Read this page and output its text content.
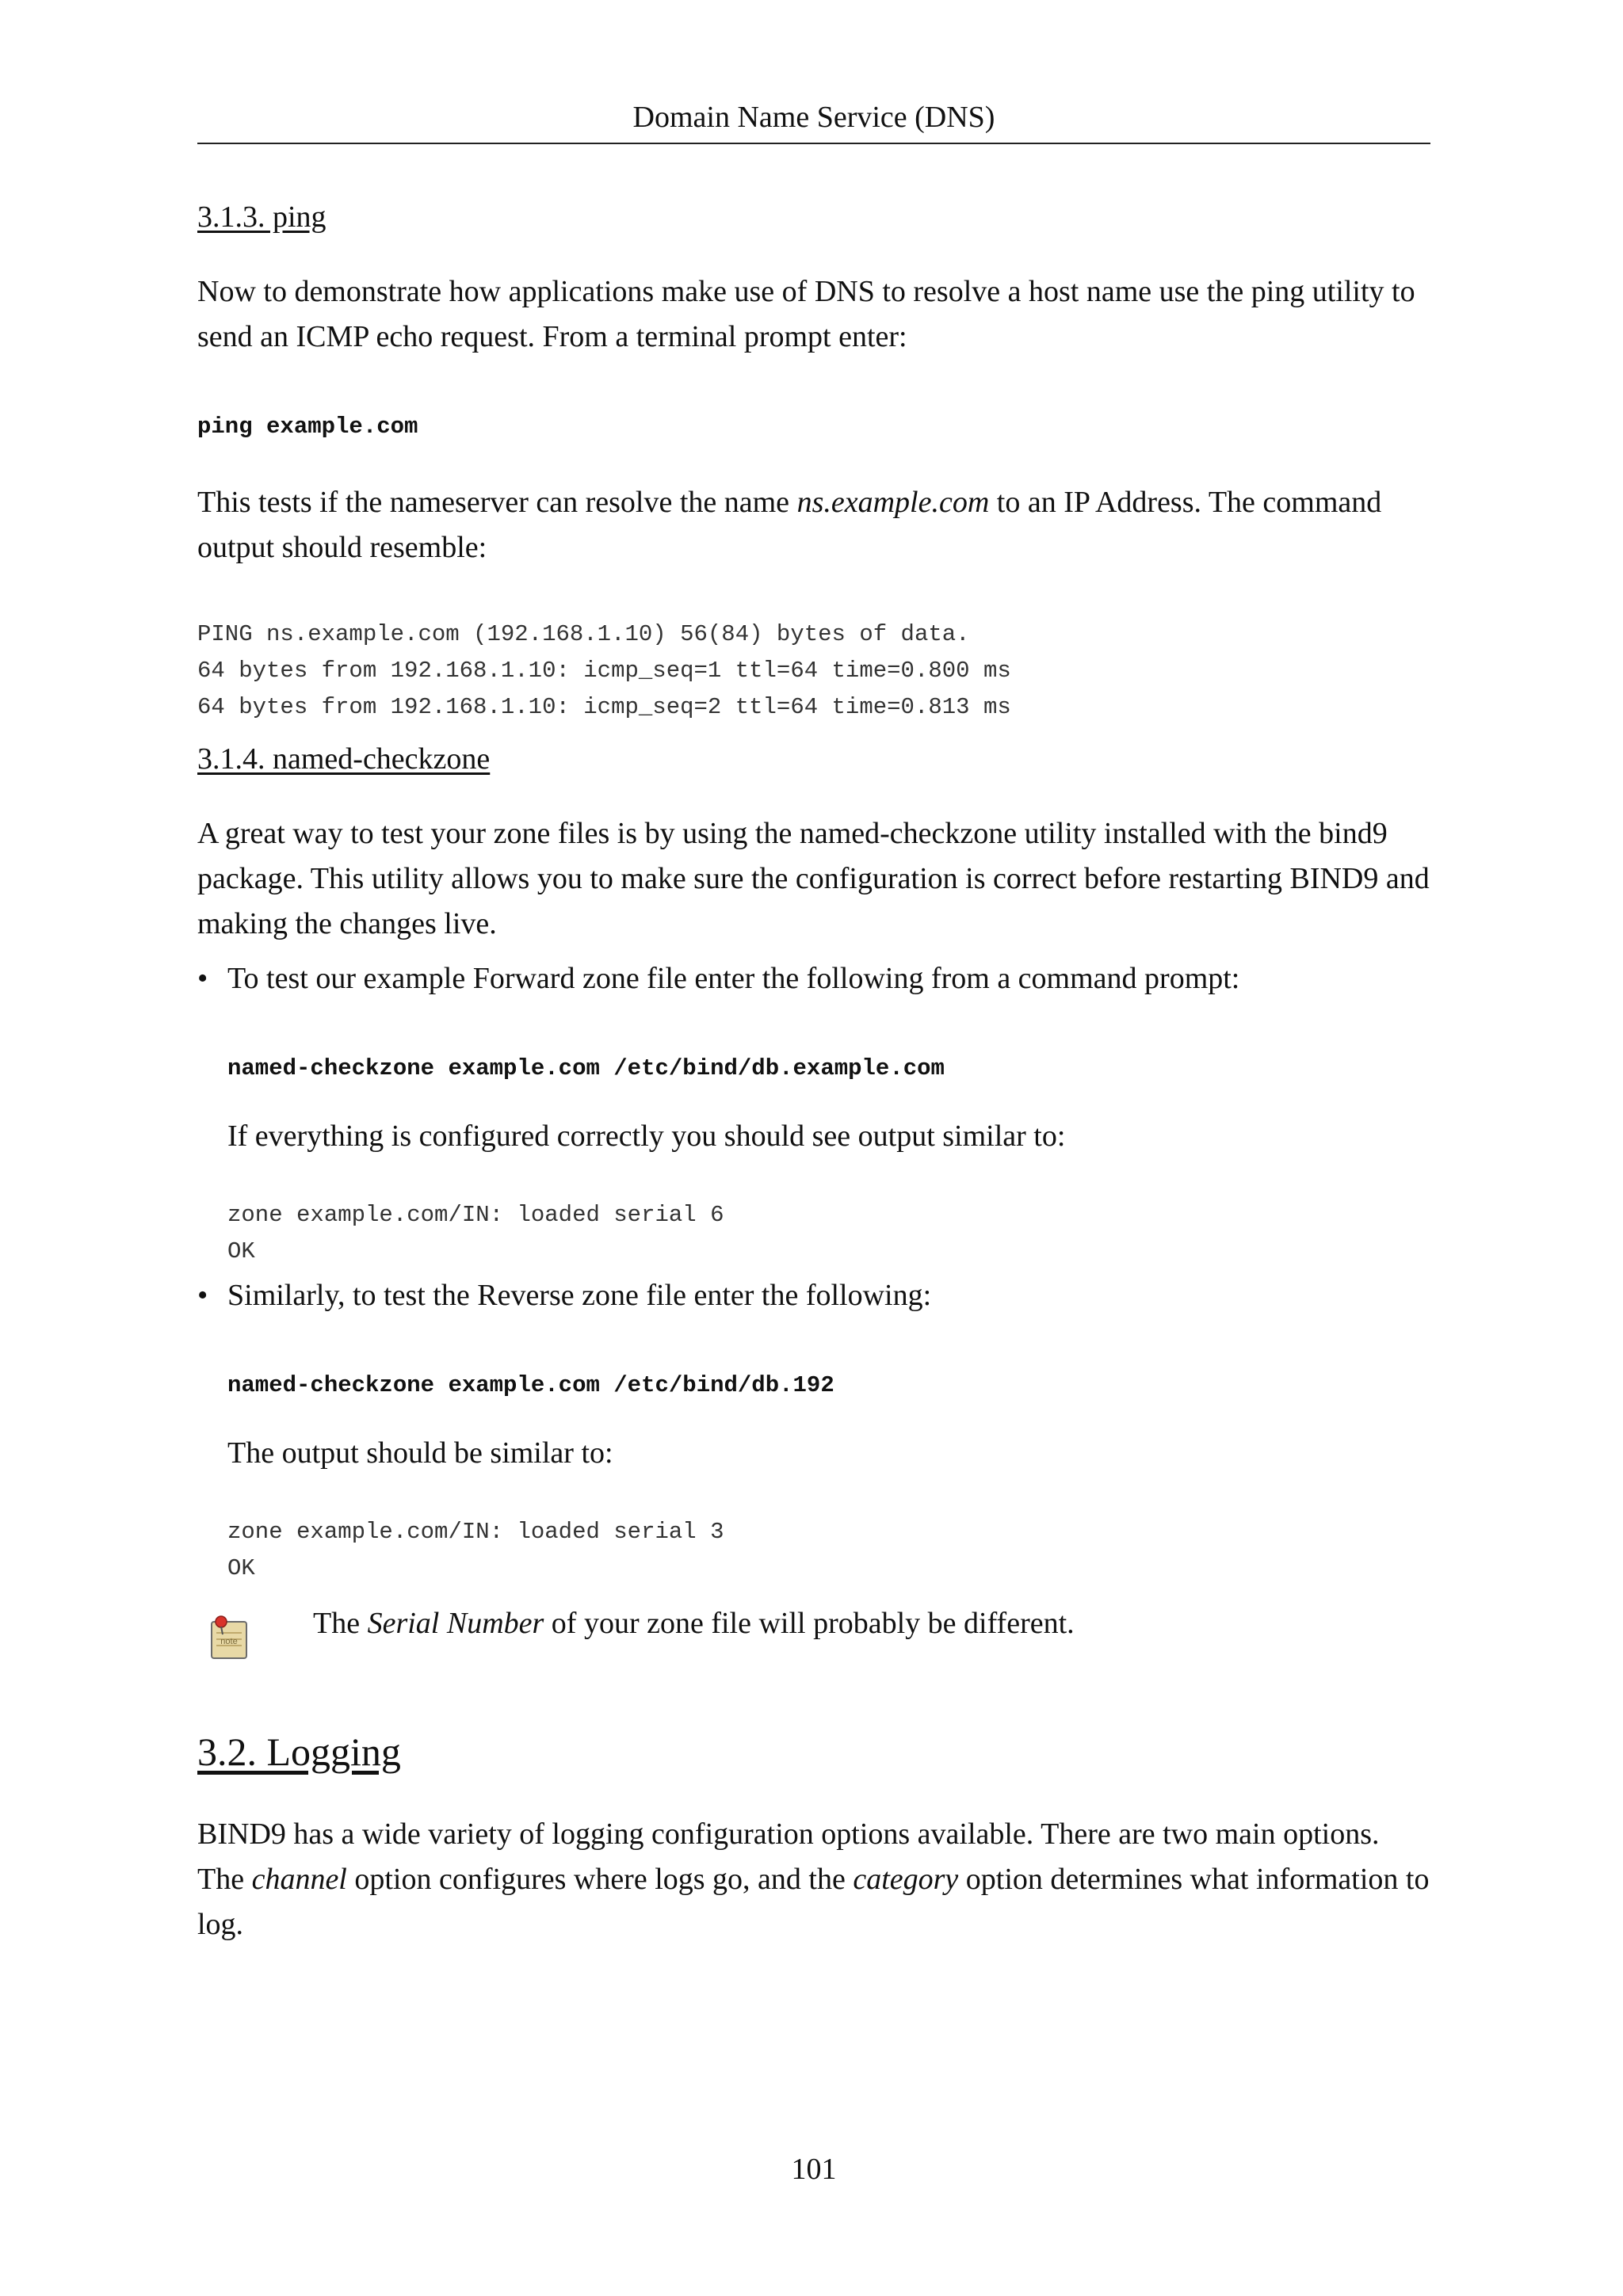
Domain Name Service (DNS)
3.1.3. ping

Now to demonstrate how applications make use of DNS to resolve a host name use the ping utility to send an ICMP echo request. From a terminal prompt enter:

ping example.com

This tests if the nameserver can resolve the name ns.example.com to an IP Address. The command output should resemble:

PING ns.example.com (192.168.1.10) 56(84) bytes of data.
64 bytes from 192.168.1.10: icmp_seq=1 ttl=64 time=0.800 ms
64 bytes from 192.168.1.10: icmp_seq=2 ttl=64 time=0.813 ms
3.1.4. named-checkzone

A great way to test your zone files is by using the named-checkzone utility installed with the bind9 package. This utility allows you to make sure the configuration is correct before restarting BIND9 and making the changes live.

• To test our example Forward zone file enter the following from a command prompt:

named-checkzone example.com /etc/bind/db.example.com

If everything is configured correctly you should see output similar to:

zone example.com/IN: loaded serial 6
OK
• Similarly, to test the Reverse zone file enter the following:

named-checkzone example.com /etc/bind/db.192

The output should be similar to:

zone example.com/IN: loaded serial 3
OK
note

The Serial Number of your zone file will probably be different.

3.2. Logging

BIND9 has a wide variety of logging configuration options available. There are two main options.
The channel option configures where logs go, and the category option determines what information to log.

101
